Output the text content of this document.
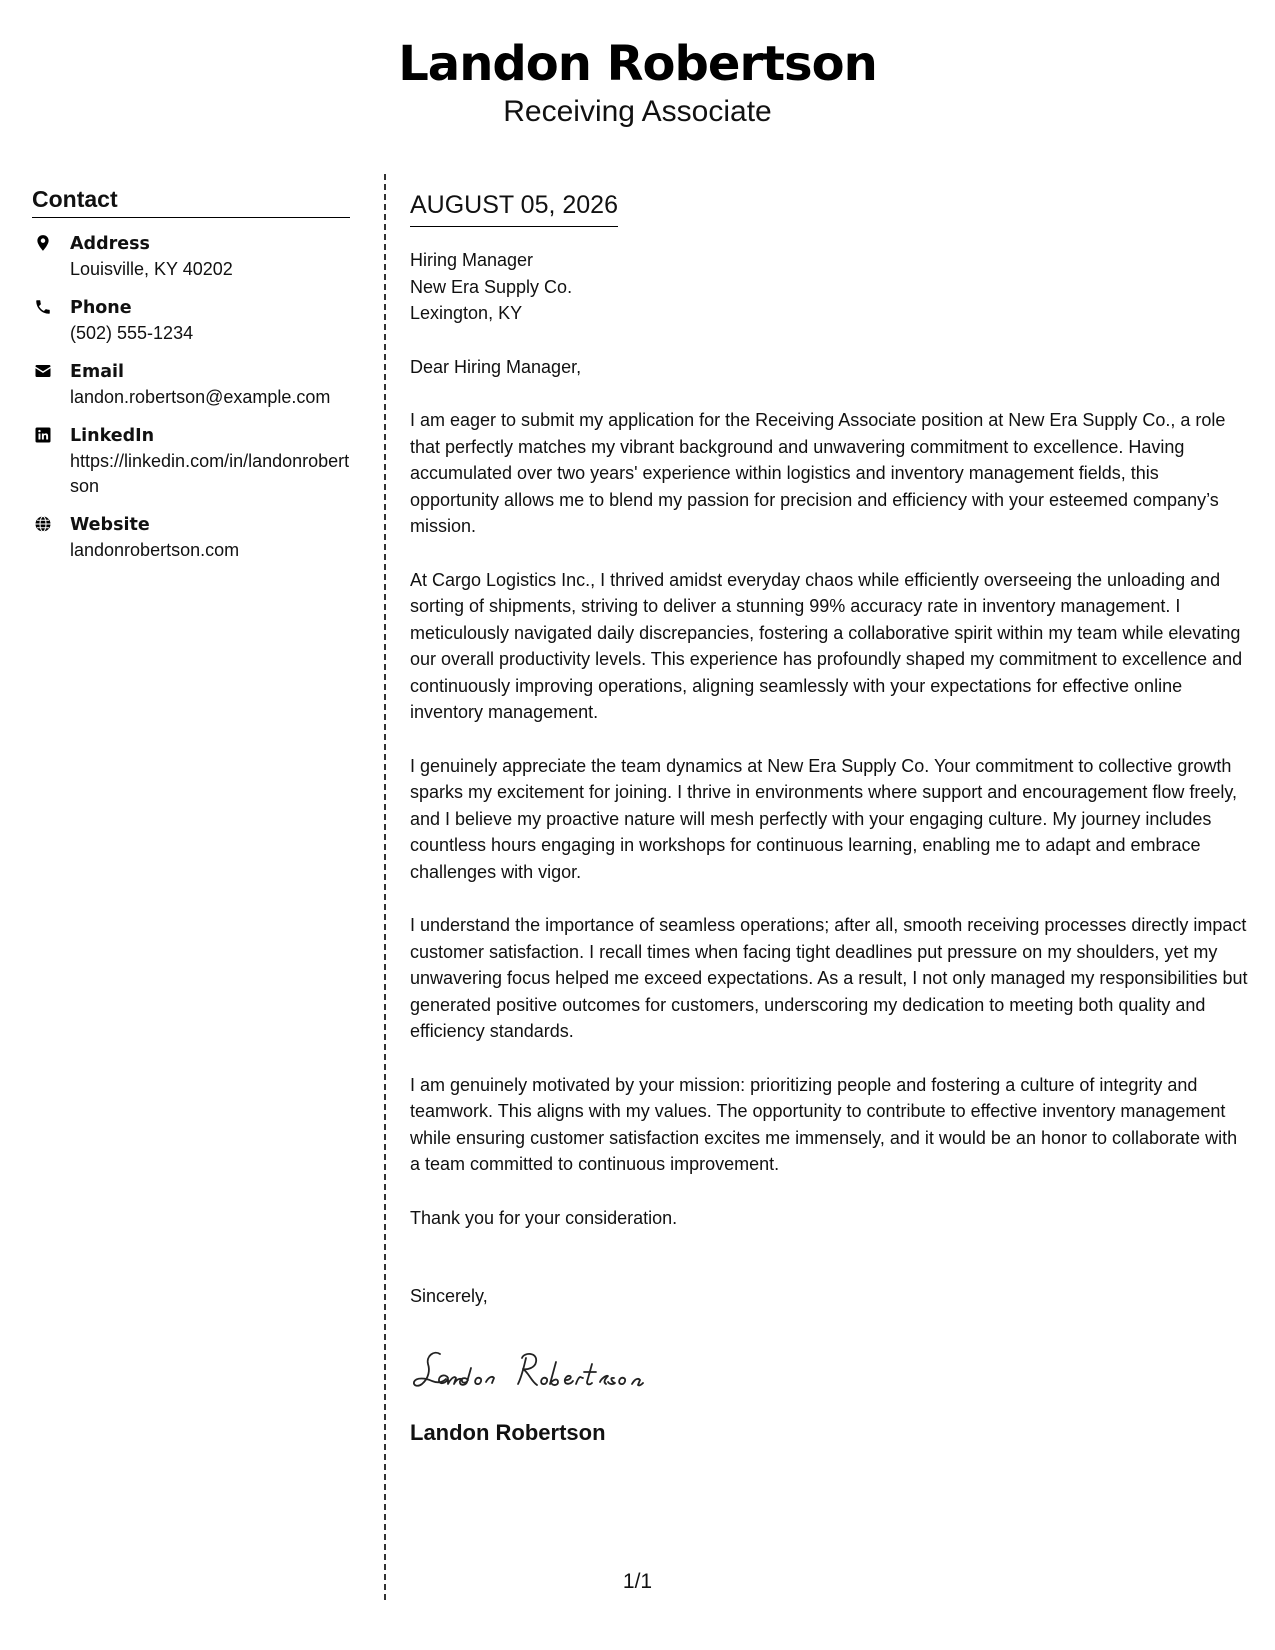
Landon Robertson

Receiving Associate

Contact
Address
Louisville, KY 40202
Phone
(502) 555-1234
Email
landon.robertson@example.com
LinkedIn
https://linkedin.com/in/landonrobertson
Website
landonrobertson.com
AUGUST 05, 2026

Hiring Manager

New Era Supply Co.

Lexington, KY

Dear Hiring Manager,

I am eager to submit my application for the Receiving Associate position at New Era Supply Co., a role that perfectly matches my vibrant background and unwavering commitment to excellence. Having accumulated over two years' experience within logistics and inventory management fields, this opportunity allows me to blend my passion for precision and efficiency with your esteemed company’s mission.

At Cargo Logistics Inc., I thrived amidst everyday chaos while efficiently overseeing the unloading and sorting of shipments, striving to deliver a stunning 99% accuracy rate in inventory management. I meticulously navigated daily discrepancies, fostering a collaborative spirit within my team while elevating our overall productivity levels. This experience has profoundly shaped my commitment to excellence and continuously improving operations, aligning seamlessly with your expectations for effective online inventory management.

I genuinely appreciate the team dynamics at New Era Supply Co. Your commitment to collective growth sparks my excitement for joining. I thrive in environments where support and encouragement flow freely, and I believe my proactive nature will mesh perfectly with your engaging culture. My journey includes countless hours engaging in workshops for continuous learning, enabling me to adapt and embrace challenges with vigor.

I understand the importance of seamless operations; after all, smooth receiving processes directly impact customer satisfaction. I recall times when facing tight deadlines put pressure on my shoulders, yet my unwavering focus helped me exceed expectations. As a result, I not only managed my responsibilities but generated positive outcomes for customers, underscoring my dedication to meeting both quality and efficiency standards.

I am genuinely motivated by your mission: prioritizing people and fostering a culture of integrity and teamwork. This aligns with my values. The opportunity to contribute to effective inventory management while ensuring customer satisfaction excites me immensely, and it would be an honor to collaborate with a team committed to continuous improvement.

Thank you for your consideration.

Sincerely,

Landon Robertson
1/1
